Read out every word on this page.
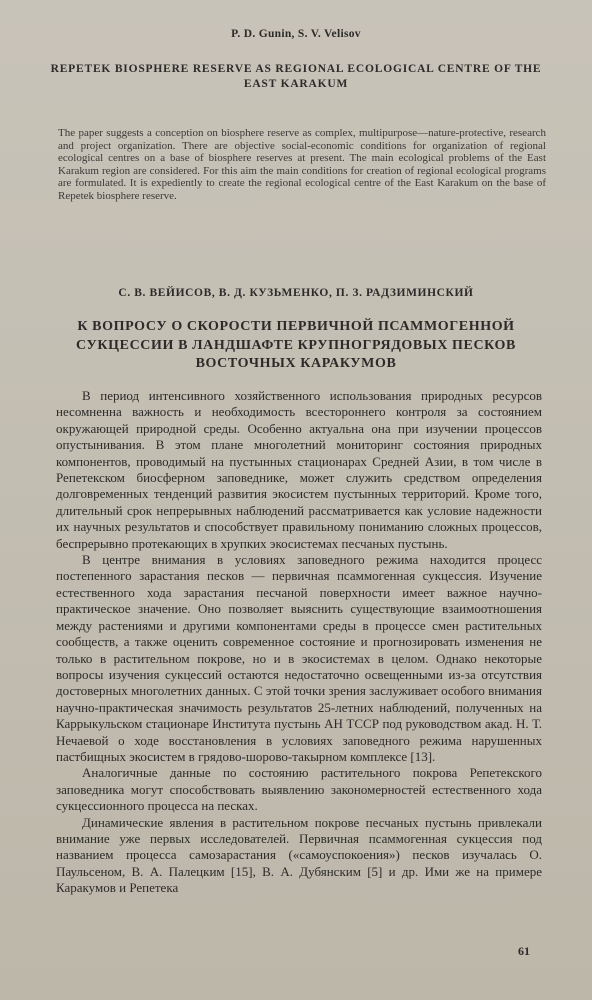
P. D. Gunin, S. V. Velisov
REPETEK BIOSPHERE RESERVE AS REGIONAL ECOLOGICAL CENTRE OF THE EAST KARAKUM
The paper suggests a conception on biosphere reserve as complex, multipurpose—nature-protective, research and project organization. There are objective social-economic conditions for organization of regional ecological centres on a base of biosphere reserves at present. The main ecological problems of the East Karakum region are considered. For this aim the main conditions for creation of regional ecological programs are formulated. It is expediently to create the regional ecological centre of the East Karakum on the base of Repetek biosphere reserve.
С. В. ВЕЙИСОВ, В. Д. КУЗЬМЕНКО, П. З. РАДЗИМИНСКИЙ
К ВОПРОСУ О СКОРОСТИ ПЕРВИЧНОЙ ПСАММОГЕННОЙ СУКЦЕССИИ В ЛАНДШАФТЕ КРУПНОГРЯДОВЫХ ПЕСКОВ ВОСТОЧНЫХ КАРАКУМОВ

В период интенсивного хозяйственного использования природных ресурсов несомненна важность и необходимость всестороннего контроля за состоянием окружающей природной среды. Особенно актуальна она при изучении процессов опустынивания. В этом плане многолетний мониторинг состояния природных компонентов, проводимый на пустынных стационарах Средней Азии, в том числе в Репетекском биосферном заповеднике, может служить средством определения долговременных тенденций развития экосистем пустынных территорий. Кроме того, длительный срок непрерывных наблюдений рассматривается как условие надежности их научных результатов и способствует правильному пониманию сложных процессов, беспрерывно протекающих в хрупких экосистемах песчаных пустынь.

В центре внимания в условиях заповедного режима находится процесс постепенного зарастания песков — первичная псаммогенная сукцессия. Изучение естественного хода зарастания песчаной поверхности имеет важное научно-практическое значение. Оно позволяет выяснить существующие взаимоотношения между растениями и другими компонентами среды в процессе смен растительных сообществ, а также оценить современное состояние и прогнозировать изменения не только в растительном покрове, но и в экосистемах в целом. Однако некоторые вопросы изучения сукцессий остаются недостаточно освещенными из-за отсутствия достоверных многолетних данных. С этой точки зрения заслуживает особого внимания научно-практическая значимость результатов 25-летних наблюдений, полученных на Каррыкульском стационаре Института пустынь АН ТССР под руководством акад. Н. Т. Нечаевой о ходе восстановления в условиях заповедного режима нарушенных пастбищных экосистем в грядово-шорово-такырном комплексе [13].

Аналогичные данные по состоянию растительного покрова Репетекского заповедника могут способствовать выявлению закономерностей естественного хода сукцессионного процесса на песках.

Динамические явления в растительном покрове песчаных пустынь привлекали внимание уже первых исследователей. Первичная псаммогенная сукцессия под названием процесса самозарастания («самоуспокоения») песков изучалась О. Паульсеном, В. А. Палецким [15], В. А. Дубянским [5] и др. Ими же на примере Каракумов и Репетека

61
